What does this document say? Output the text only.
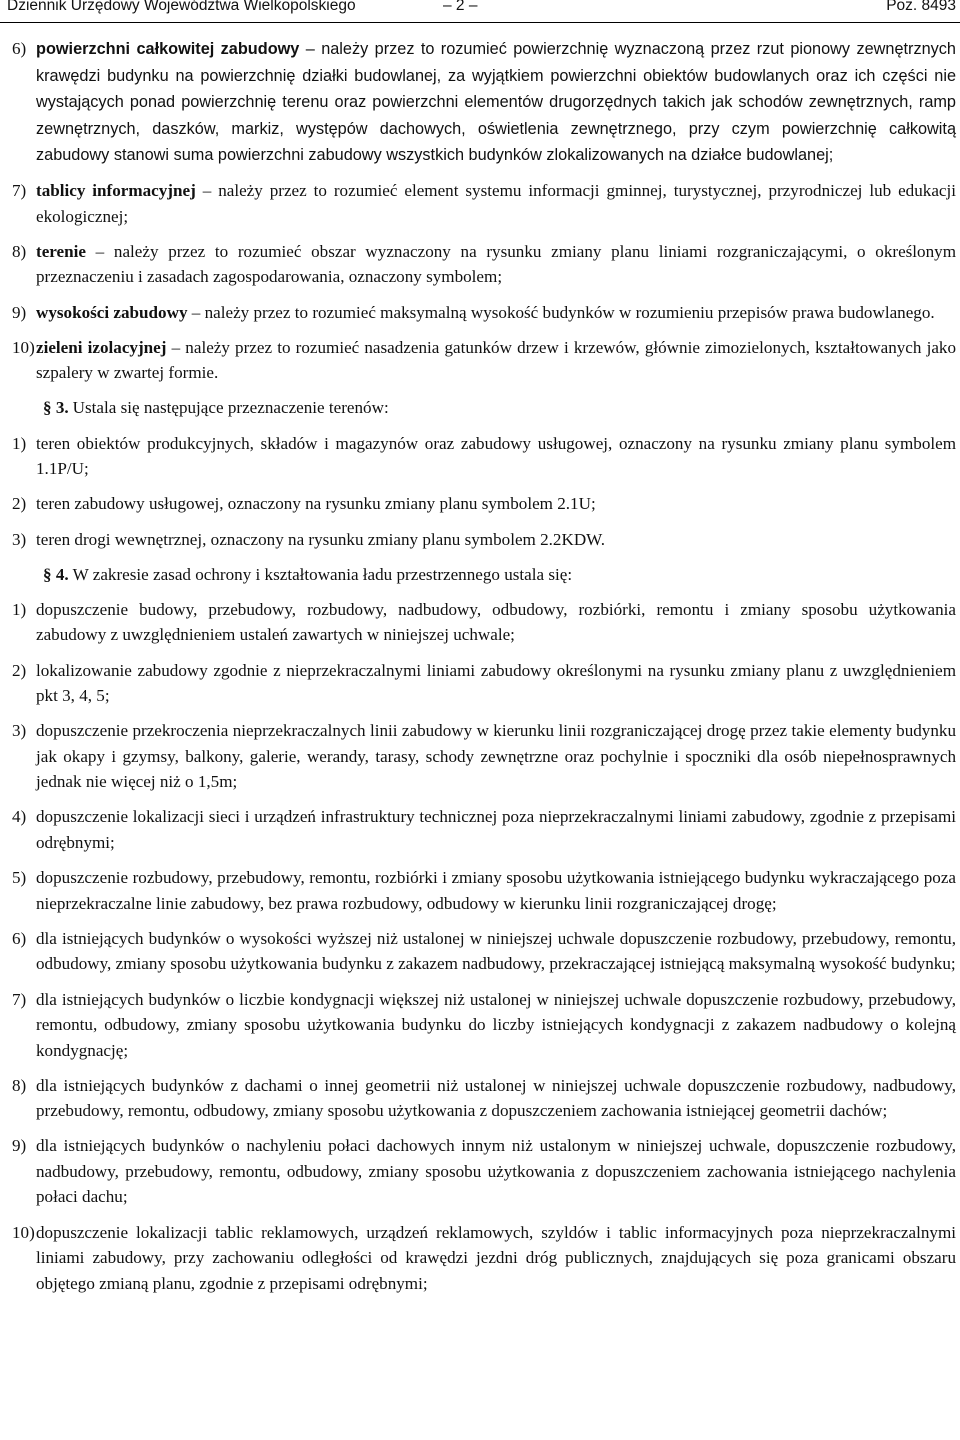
Dziennik Urzędowy Województwa Wielkopolskiego	– 2 –	Poz. 8493

6) powierzchni całkowitej zabudowy – należy przez to rozumieć powierzchnię wyznaczoną przez rzut pionowy zewnętrznych krawędzi budynku na powierzchnię działki budowlanej, za wyjątkiem powierzchni obiektów budowlanych oraz ich części nie wystających ponad powierzchnię terenu oraz powierzchni elementów drugorzędnych takich jak schodów zewnętrznych, ramp zewnętrznych, daszków, markiz, występów dachowych, oświetlenia zewnętrznego, przy czym powierzchnię całkowitą zabudowy stanowi suma powierzchni zabudowy wszystkich budynków zlokalizowanych na działce budowlanej;

7) tablicy informacyjnej – należy przez to rozumieć element systemu informacji gminnej, turystycznej, przyrodniczej lub edukacji ekologicznej;

8) terenie – należy przez to rozumieć obszar wyznaczony na rysunku zmiany planu liniami rozgraniczającymi, o określonym przeznaczeniu i zasadach zagospodarowania, oznaczony symbolem;

9) wysokości zabudowy – należy przez to rozumieć maksymalną wysokość budynków w rozumieniu przepisów prawa budowlanego.

10) zieleni izolacyjnej – należy przez to rozumieć nasadzenia gatunków drzew i krzewów, głównie zimozielonych, kształtowanych jako szpalery w zwartej formie.

§ 3. Ustala się następujące przeznaczenie terenów:

1) teren obiektów produkcyjnych, składów i magazynów oraz zabudowy usługowej, oznaczony na rysunku zmiany planu symbolem 1.1P/U;

2) teren zabudowy usługowej, oznaczony na rysunku zmiany planu symbolem 2.1U;

3) teren drogi wewnętrznej, oznaczony na rysunku zmiany planu symbolem 2.2KDW.

§ 4. W zakresie zasad ochrony i kształtowania ładu przestrzennego ustala się:

1) dopuszczenie budowy, przebudowy, rozbudowy, nadbudowy, odbudowy, rozbiórki, remontu i zmiany sposobu użytkowania zabudowy z uwzględnieniem ustaleń zawartych w niniejszej uchwale;

2) lokalizowanie zabudowy zgodnie z nieprzekraczalnymi liniami zabudowy określonymi na rysunku zmiany planu z uwzględnieniem pkt 3, 4, 5;

3) dopuszczenie przekroczenia nieprzekraczalnych linii zabudowy w kierunku linii rozgraniczającej drogę przez takie elementy budynku jak okapy i gzymsy, balkony, galerie, werandy, tarasy, schody zewnętrzne oraz pochylnie i spoczniki dla osób niepełnosprawnych jednak nie więcej niż o 1,5m;

4) dopuszczenie lokalizacji sieci i urządzeń infrastruktury technicznej poza nieprzekraczalnymi liniami zabudowy, zgodnie z przepisami odrębnymi;

5) dopuszczenie rozbudowy, przebudowy, remontu, rozbiórki i zmiany sposobu użytkowania istniejącego budynku wykraczającego poza nieprzekraczalne linie zabudowy, bez prawa rozbudowy, odbudowy w kierunku linii rozgraniczającej drogę;

6) dla istniejących budynków o wysokości wyższej niż ustalonej w niniejszej uchwale dopuszczenie rozbudowy, przebudowy, remontu, odbudowy, zmiany sposobu użytkowania budynku z zakazem nadbudowy, przekraczającej istniejącą maksymalną wysokość budynku;

7) dla istniejących budynków o liczbie kondygnacji większej niż ustalonej w niniejszej uchwale dopuszczenie rozbudowy, przebudowy, remontu, odbudowy, zmiany sposobu użytkowania budynku do liczby istniejących kondygnacji z zakazem nadbudowy o kolejną kondygnację;

8) dla istniejących budynków z dachami o innej geometrii niż ustalonej w niniejszej uchwale dopuszczenie rozbudowy, nadbudowy, przebudowy, remontu, odbudowy, zmiany sposobu użytkowania z dopuszczeniem zachowania istniejącej geometrii dachów;

9) dla istniejących budynków o nachyleniu połaci dachowych innym niż ustalonym w niniejszej uchwale, dopuszczenie rozbudowy, nadbudowy, przebudowy, remontu, odbudowy, zmiany sposobu użytkowania z dopuszczeniem zachowania istniejącego nachylenia połaci dachu;

10) dopuszczenie lokalizacji tablic reklamowych, urządzeń reklamowych, szyldów i tablic informacyjnych poza nieprzekraczalnymi liniami zabudowy, przy zachowaniu odległości od krawędzi jezdni dróg publicznych, znajdujących się poza granicami obszaru objętego zmianą planu, zgodnie z przepisami odrębnymi;
